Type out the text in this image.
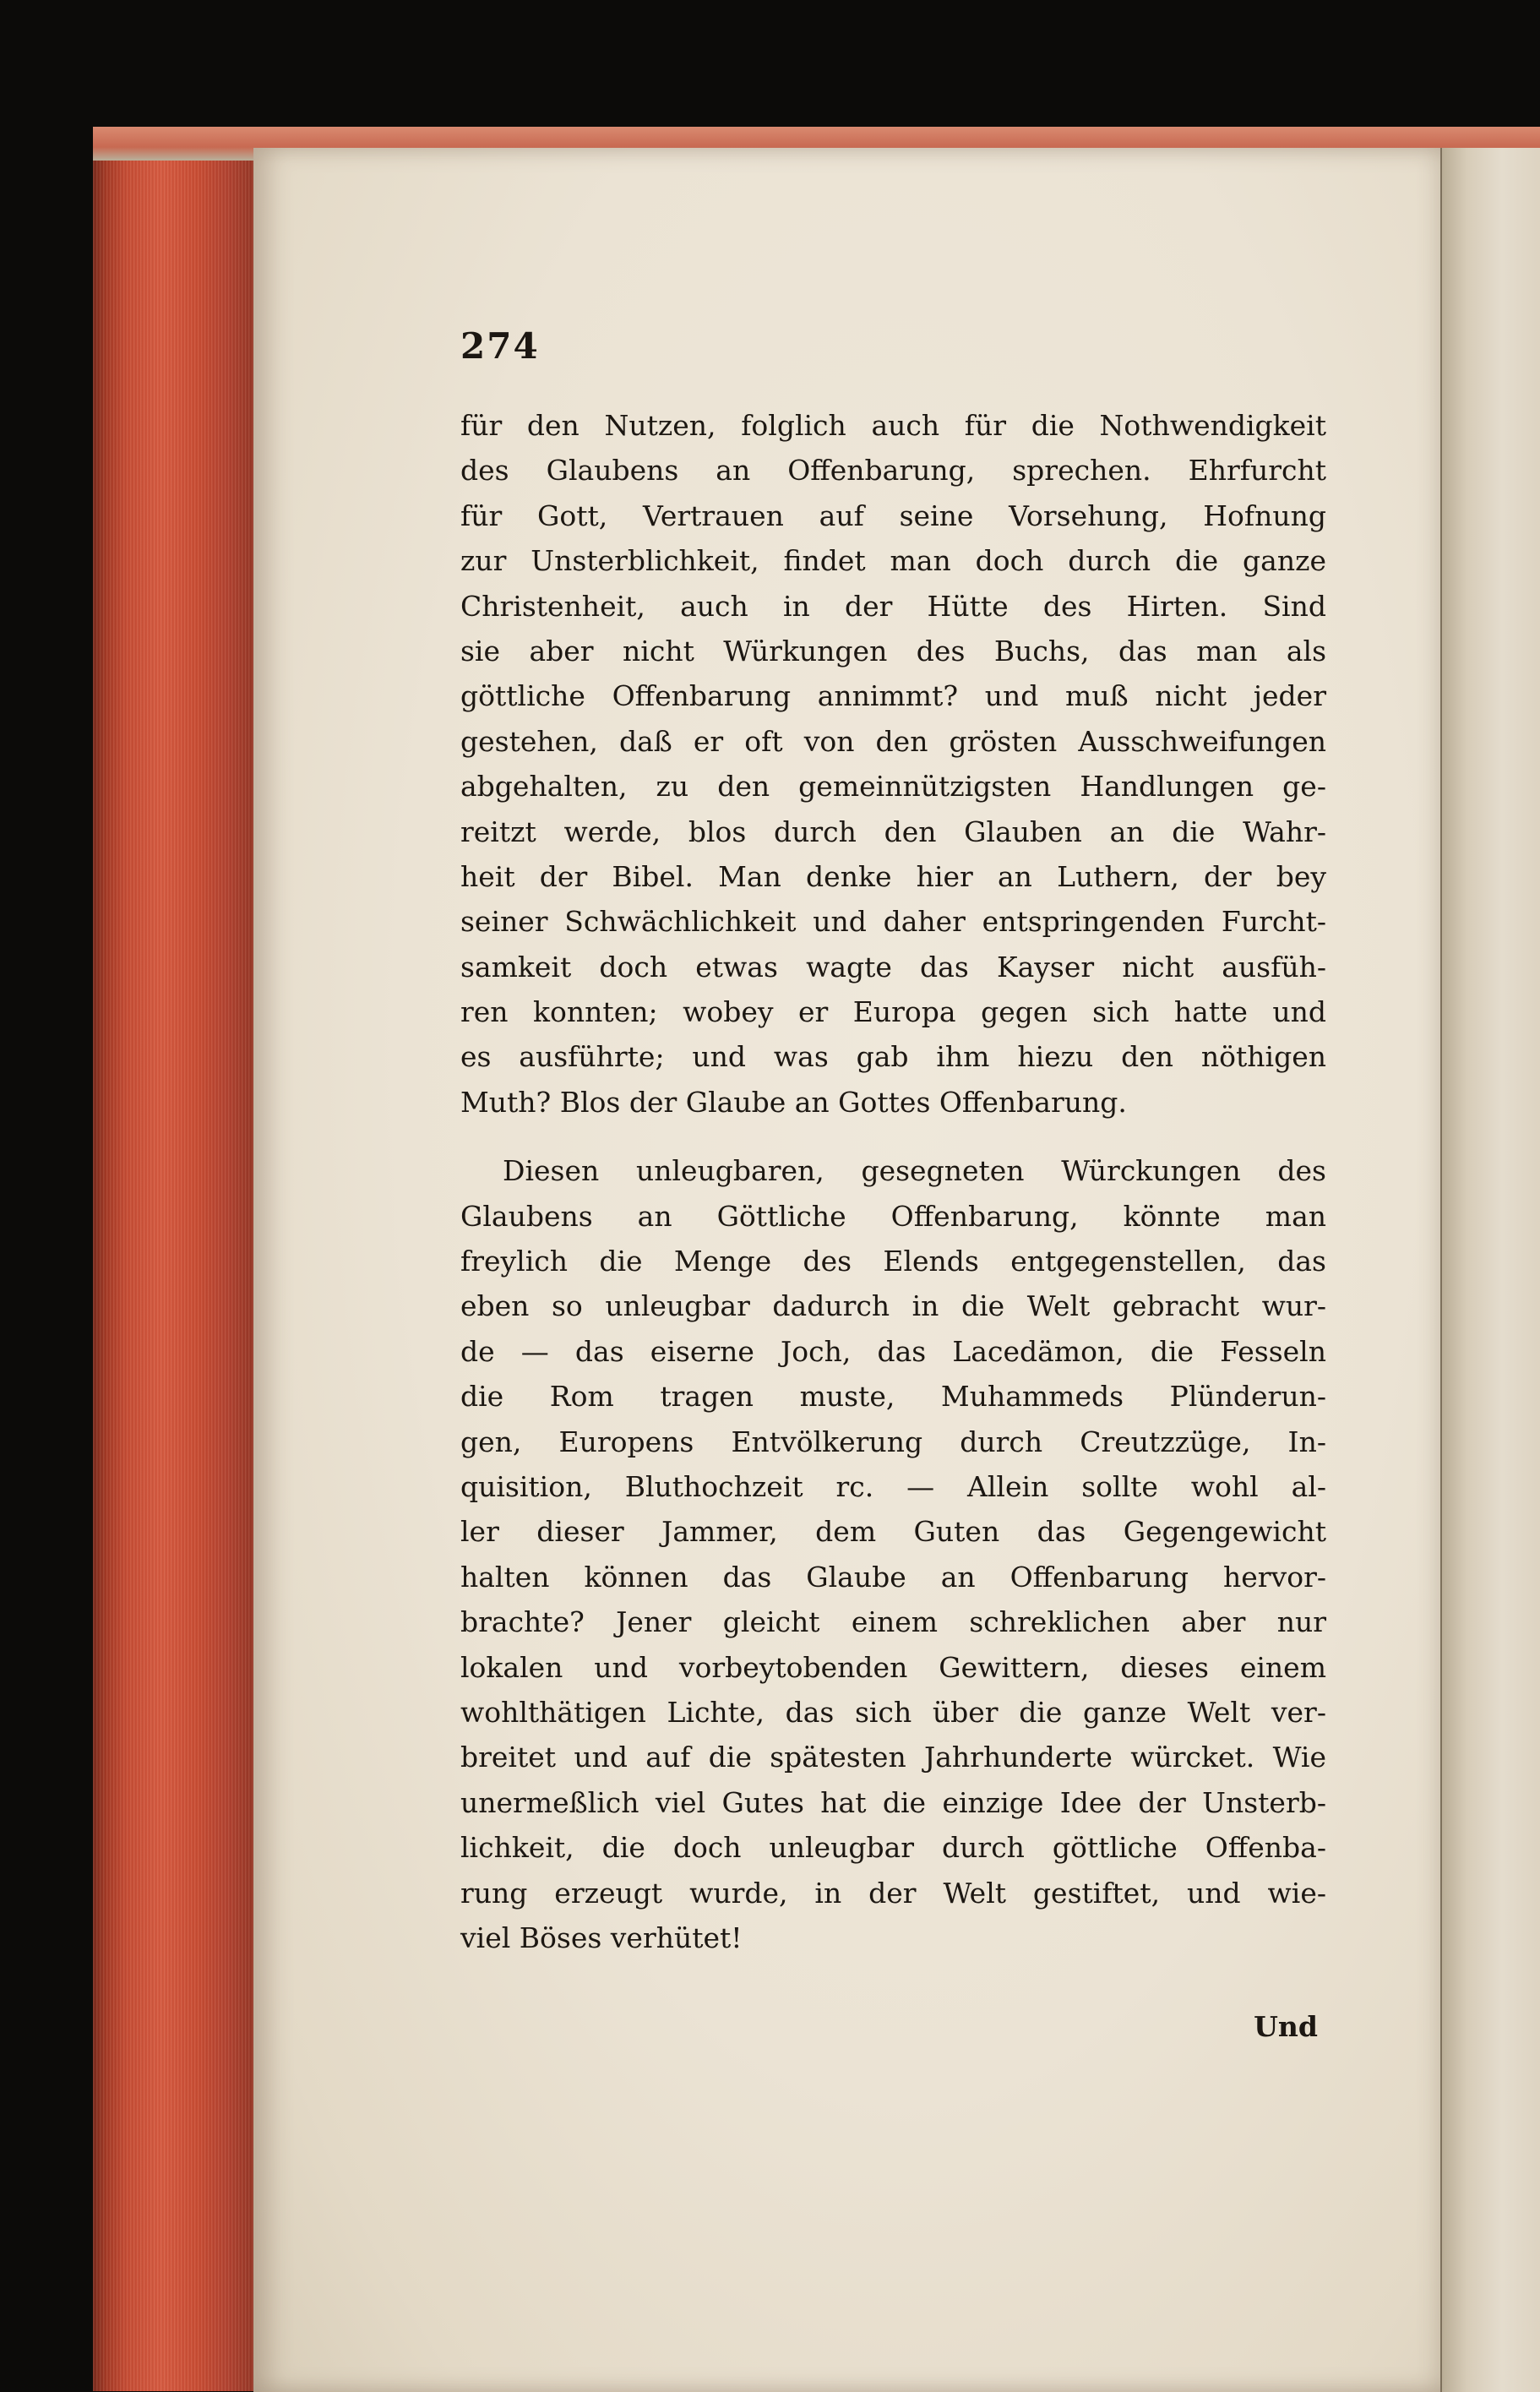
274
für den Nutzen, folglich auch für die Nothwendigkeit
des Glaubens an Offenbarung, sprechen. Ehrfurcht
für Gott, Vertrauen auf seine Vorsehung, Hofnung
zur Unsterblichkeit, findet man doch durch die ganze
Christenheit, auch in der Hütte des Hirten. Sind
sie aber nicht Würkungen des Buchs, das man als
göttliche Offenbarung annimmt? und muß nicht jeder
gestehen, daß er oft von den grösten Ausschweifungen
abgehalten, zu den gemeinnützigsten Handlungen ge-
reitzt werde, blos durch den Glauben an die Wahr-
heit der Bibel. Man denke hier an Luthern, der bey
seiner Schwächlichkeit und daher entspringenden Furcht-
samkeit doch etwas wagte das Kayser nicht ausfüh-
ren konnten; wobey er Europa gegen sich hatte und
es ausführte; und was gab ihm hiezu den nöthigen
Muth? Blos der Glaube an Gottes Offenbarung.
Diesen unleugbaren, gesegneten Würckungen des
Glaubens an Göttliche Offenbarung, könnte man
freylich die Menge des Elends entgegenstellen, das
eben so unleugbar dadurch in die Welt gebracht wur-
de — das eiserne Joch, das Lacedämon, die Fesseln
die Rom tragen muste, Muhammeds Plünderun-
gen, Europens Entvölkerung durch Creutzzüge, In-
quisition, Bluthochzeit rc. — Allein sollte wohl al-
ler dieser Jammer, dem Guten das Gegengewicht
halten können das Glaube an Offenbarung hervor-
brachte? Jener gleicht einem schreklichen aber nur
lokalen und vorbeytobenden Gewittern, dieses einem
wohlthätigen Lichte, das sich über die ganze Welt ver-
breitet und auf die spätesten Jahrhunderte würcket. Wie
unermeßlich viel Gutes hat die einzige Idee der Unsterb-
lichkeit, die doch unleugbar durch göttliche Offenba-
rung erzeugt wurde, in der Welt gestiftet, und wie-
viel Böses verhütet!
Und
